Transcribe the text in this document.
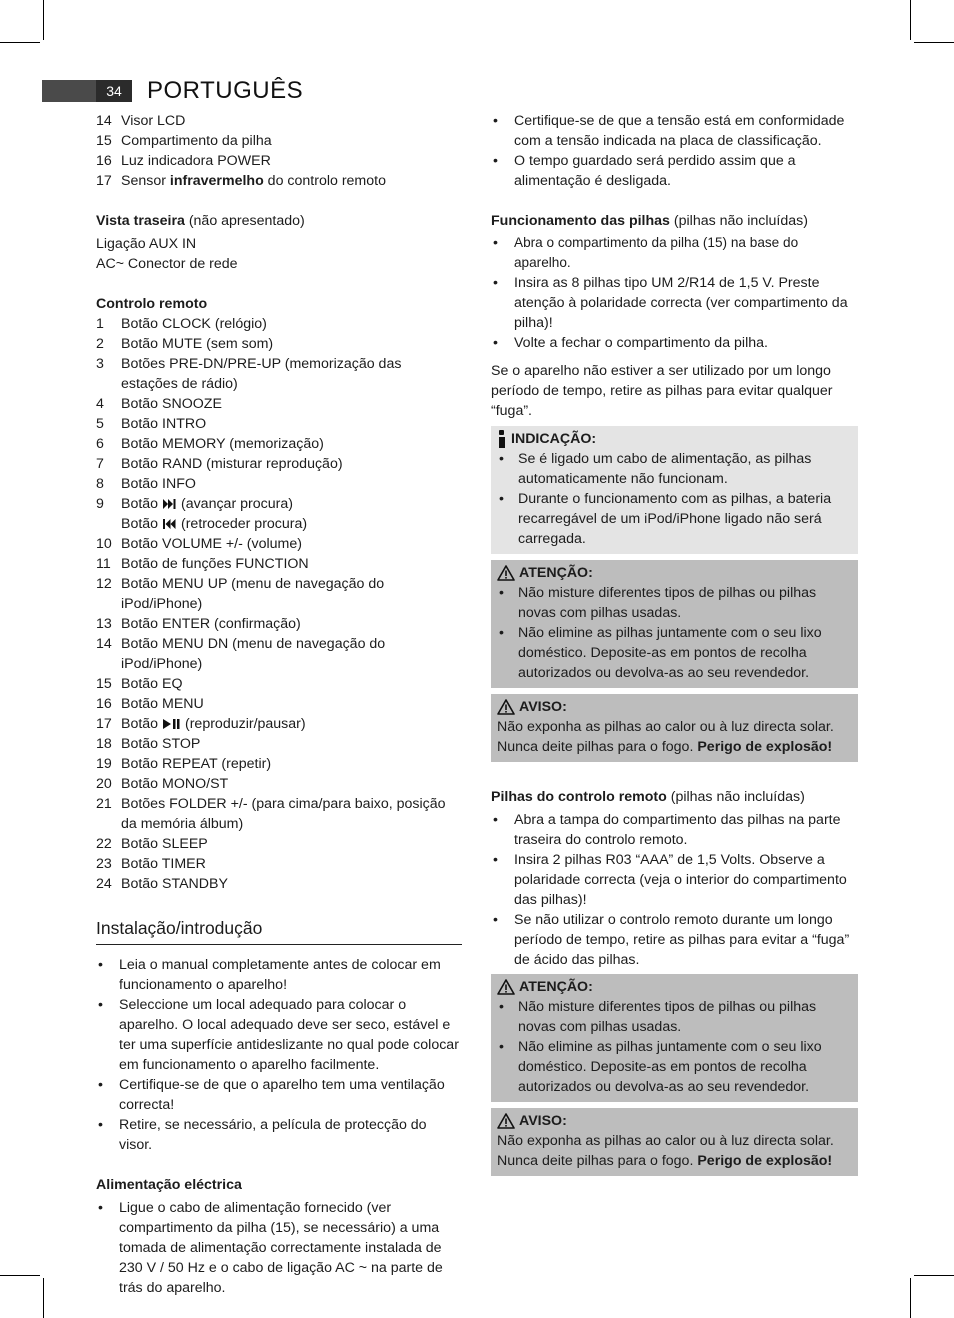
34	PORTUGUÊS
14 Visor LCD
15 Compartimento da pilha
16 Luz indicadora POWER
17 Sensor infravermelho do controlo remoto
Vista traseira (não apresentado)
Ligação AUX IN
AC~ Conector de rede
Controlo remoto
1	Botão CLOCK (relógio)
2	Botão MUTE (sem som)
3	Botões PRE-DN/PRE-UP (memorização das estações de rádio)
4	Botão SNOOZE
5	Botão INTRO
6	Botão MEMORY (memorização)
7	Botão RAND (misturar reprodução)
8	Botão INFO
9	Botão  (avançar procura)
Botão  (retroceder procura)
10 Botão VOLUME +/- (volume)
11 Botão de funções FUNCTION
12 Botão MENU UP (menu de navegação do iPod/iPhone)
13 Botão ENTER (confirmação)
14 Botão MENU DN (menu de navegação do iPod/iPhone)
15 Botão EQ
16 Botão MENU
17 Botão  (reproduzir/pausar)
18 Botão STOP
19 Botão REPEAT (repetir)
20 Botão MONO/ST
21 Botões FOLDER +/- (para cima/para baixo, posição da memória álbum)
22 Botão SLEEP
23 Botão TIMER
24 Botão STANDBY
Instalação/introdução
•	Leia o manual completamente antes de colocar em funcionamento o aparelho!
•	Seleccione um local adequado para colocar o aparelho. O local adequado deve ser seco, estável e ter uma superfície antideslizante no qual pode colocar em funcionamento o aparelho facilmente.
•	Certifique-se de que o aparelho tem uma ventilação correcta!
•	Retire, se necessário, a película de protecção do visor.
Alimentação eléctrica
•	Ligue o cabo de alimentação fornecido (ver compartimento da pilha (15), se necessário) a uma tomada de alimentação correctamente instalada de 230 V / 50 Hz e o cabo de ligação AC ~ na parte de trás do aparelho.
•	Certifique-se de que a tensão está em conformidade com a tensão indicada na placa de classificação.
•	O tempo guardado será perdido assim que a alimentação é desligada.
Funcionamento das pilhas (pilhas não incluídas)
•	Abra o compartimento da pilha (15) na base do aparelho.
•	Insira as 8 pilhas tipo UM 2/R14 de 1,5 V. Preste atenção à polaridade correcta (ver compartimento da pilha)!
•	Volte a fechar o compartimento da pilha.
Se o aparelho não estiver a ser utilizado por um longo período de tempo, retire as pilhas para evitar qualquer “fuga”.
INDICAÇÃO:
• Se é ligado um cabo de alimentação, as pilhas automaticamente não funcionam.
• Durante o funcionamento com as pilhas, a bateria recarregável de um iPod/iPhone ligado não será carregada.
ATENÇÃO:
• Não misture diferentes tipos de pilhas ou pilhas novas com pilhas usadas.
• Não elimine as pilhas juntamente com o seu lixo doméstico. Deposite-as em pontos de recolha autorizados ou devolva-as ao seu revendedor.
AVISO:
Não exponha as pilhas ao calor ou à luz directa solar. Nunca deite pilhas para o fogo. Perigo de explosão!
Pilhas do controlo remoto (pilhas não incluídas)
•	Abra a tampa do compartimento das pilhas na parte traseira do controlo remoto.
•	Insira 2 pilhas R03 “AAA” de 1,5 Volts. Observe a polaridade correcta (veja o interior do compartimento das pilhas)!
•	Se não utilizar o controlo remoto durante um longo período de tempo, retire as pilhas para evitar a “fuga” de ácido das pilhas.
ATENÇÃO:
• Não misture diferentes tipos de pilhas ou pilhas novas com pilhas usadas.
• Não elimine as pilhas juntamente com o seu lixo doméstico. Deposite-as em pontos de recolha autorizados ou devolva-as ao seu revendedor.
AVISO:
Não exponha as pilhas ao calor ou à luz directa solar. Nunca deite pilhas para o fogo. Perigo de explosão!
